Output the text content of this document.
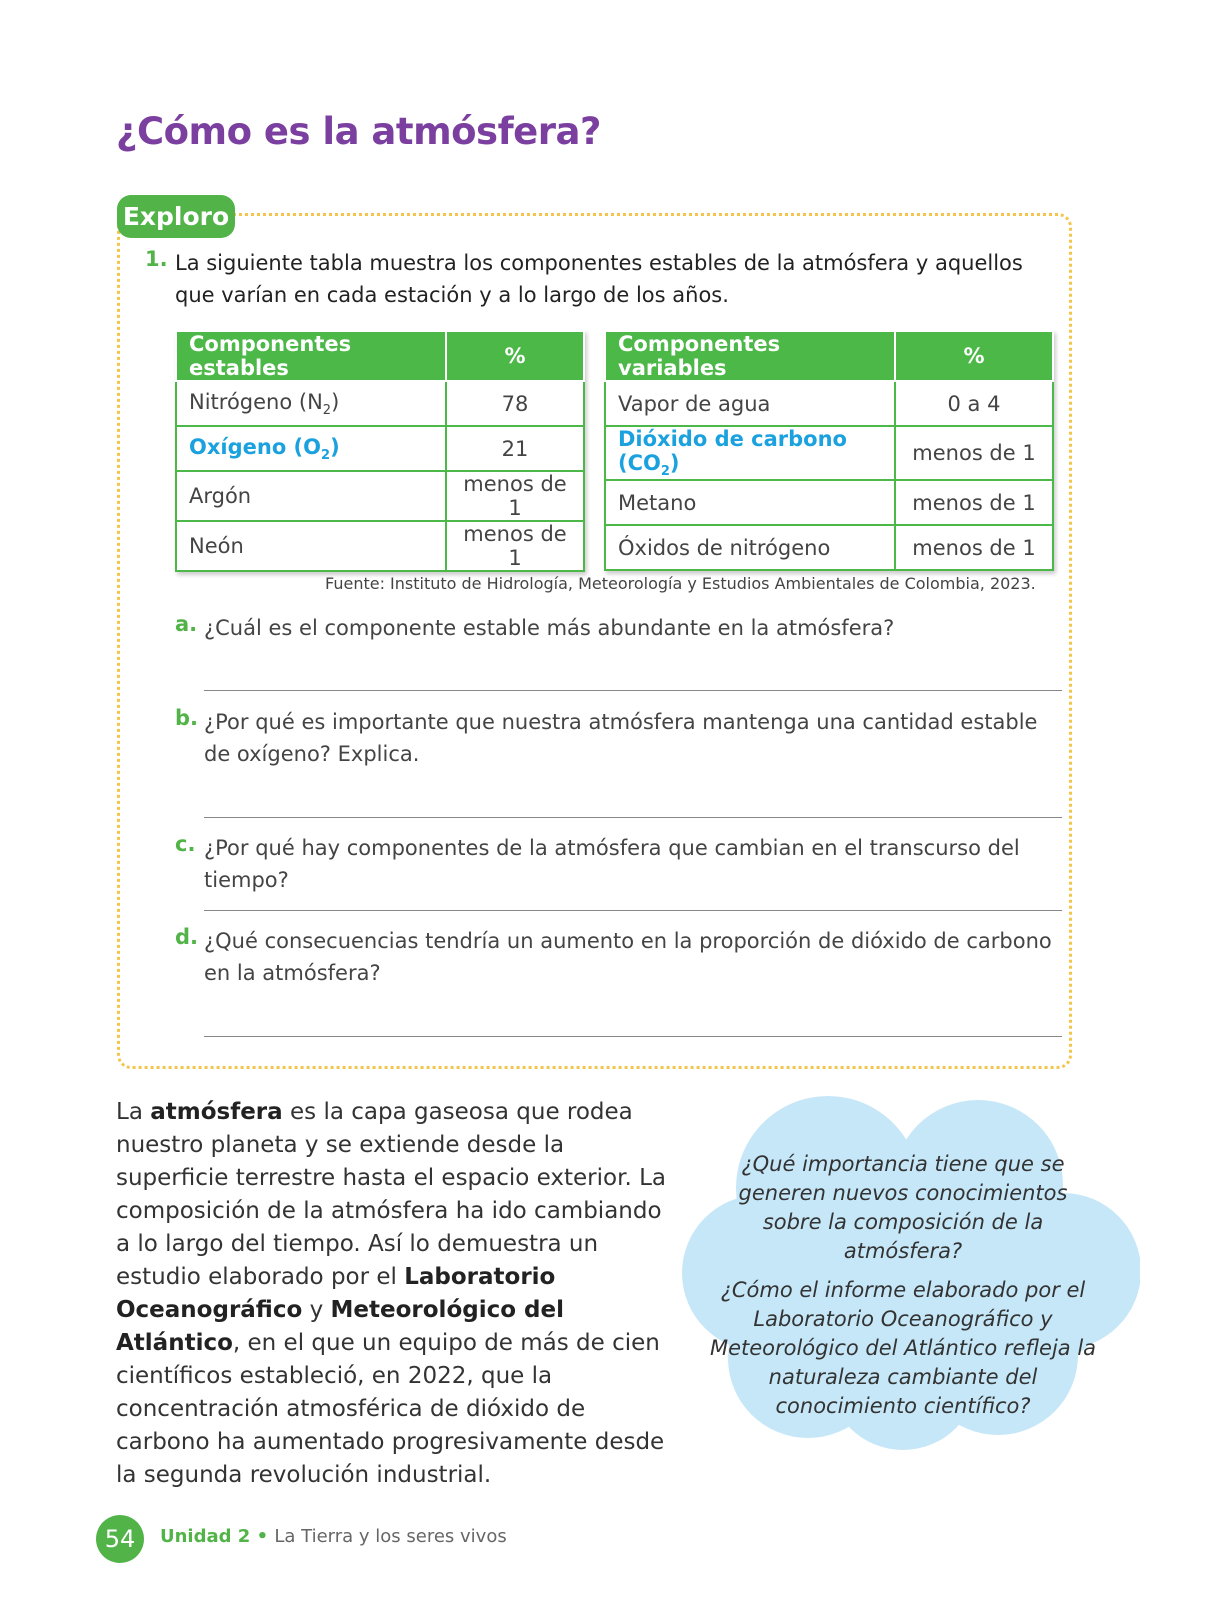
¿Cómo es la atmósfera?
Exploro
1. La siguiente tabla muestra los componentes estables de la atmósfera y aquellos que varían en cada estación y a lo largo de los años.
Componentes estables	%
Nitrógeno $(N_2)$	78
Oxígeno $(O_2)$	21
Argón	menos de 1
Neón	menos de 1
Componentes variables	%
Vapor de agua	0 a 4
Dióxido de carbono $(CO_2)$	menos de 1
Metano	menos de 1
Óxidos de nitrógeno	menos de 1
Fuente: Instituto de Hidrología, Meteorología y Estudios Ambientales de Colombia, 2023.
a. ¿Cuál es el componente estable más abundante en la atmósfera?
b. ¿Por qué es importante que nuestra atmósfera mantenga una cantidad estable de oxígeno? Explica.
c. ¿Por qué hay componentes de la atmósfera que cambian en el transcurso del tiempo?
d. ¿Qué consecuencias tendría un aumento en la proporción de dióxido de carbono en la atmósfera?
La atmósfera es la capa gaseosa que rodea nuestro planeta y se extiende desde la superficie terrestre hasta el espacio exterior. La composición de la atmósfera ha ido cambiando a lo largo del tiempo. Así lo demuestra un estudio elaborado por el Laboratorio Oceanográfico y Meteorológico del Atlántico, en el que un equipo de más de cien científicos estableció, en 2022, que la concentración atmosférica de dióxido de carbono ha aumentado progresivamente desde la segunda revolución industrial.

¿Qué importancia tiene que se generen nuevos conocimientos sobre la composición de la atmósfera?

¿Cómo el informe elaborado por el Laboratorio Oceanográfico y Meteorológico del Atlántico refleja la naturaleza cambiante del conocimiento científico?

54	Unidad 2 • La Tierra y los seres vivos
